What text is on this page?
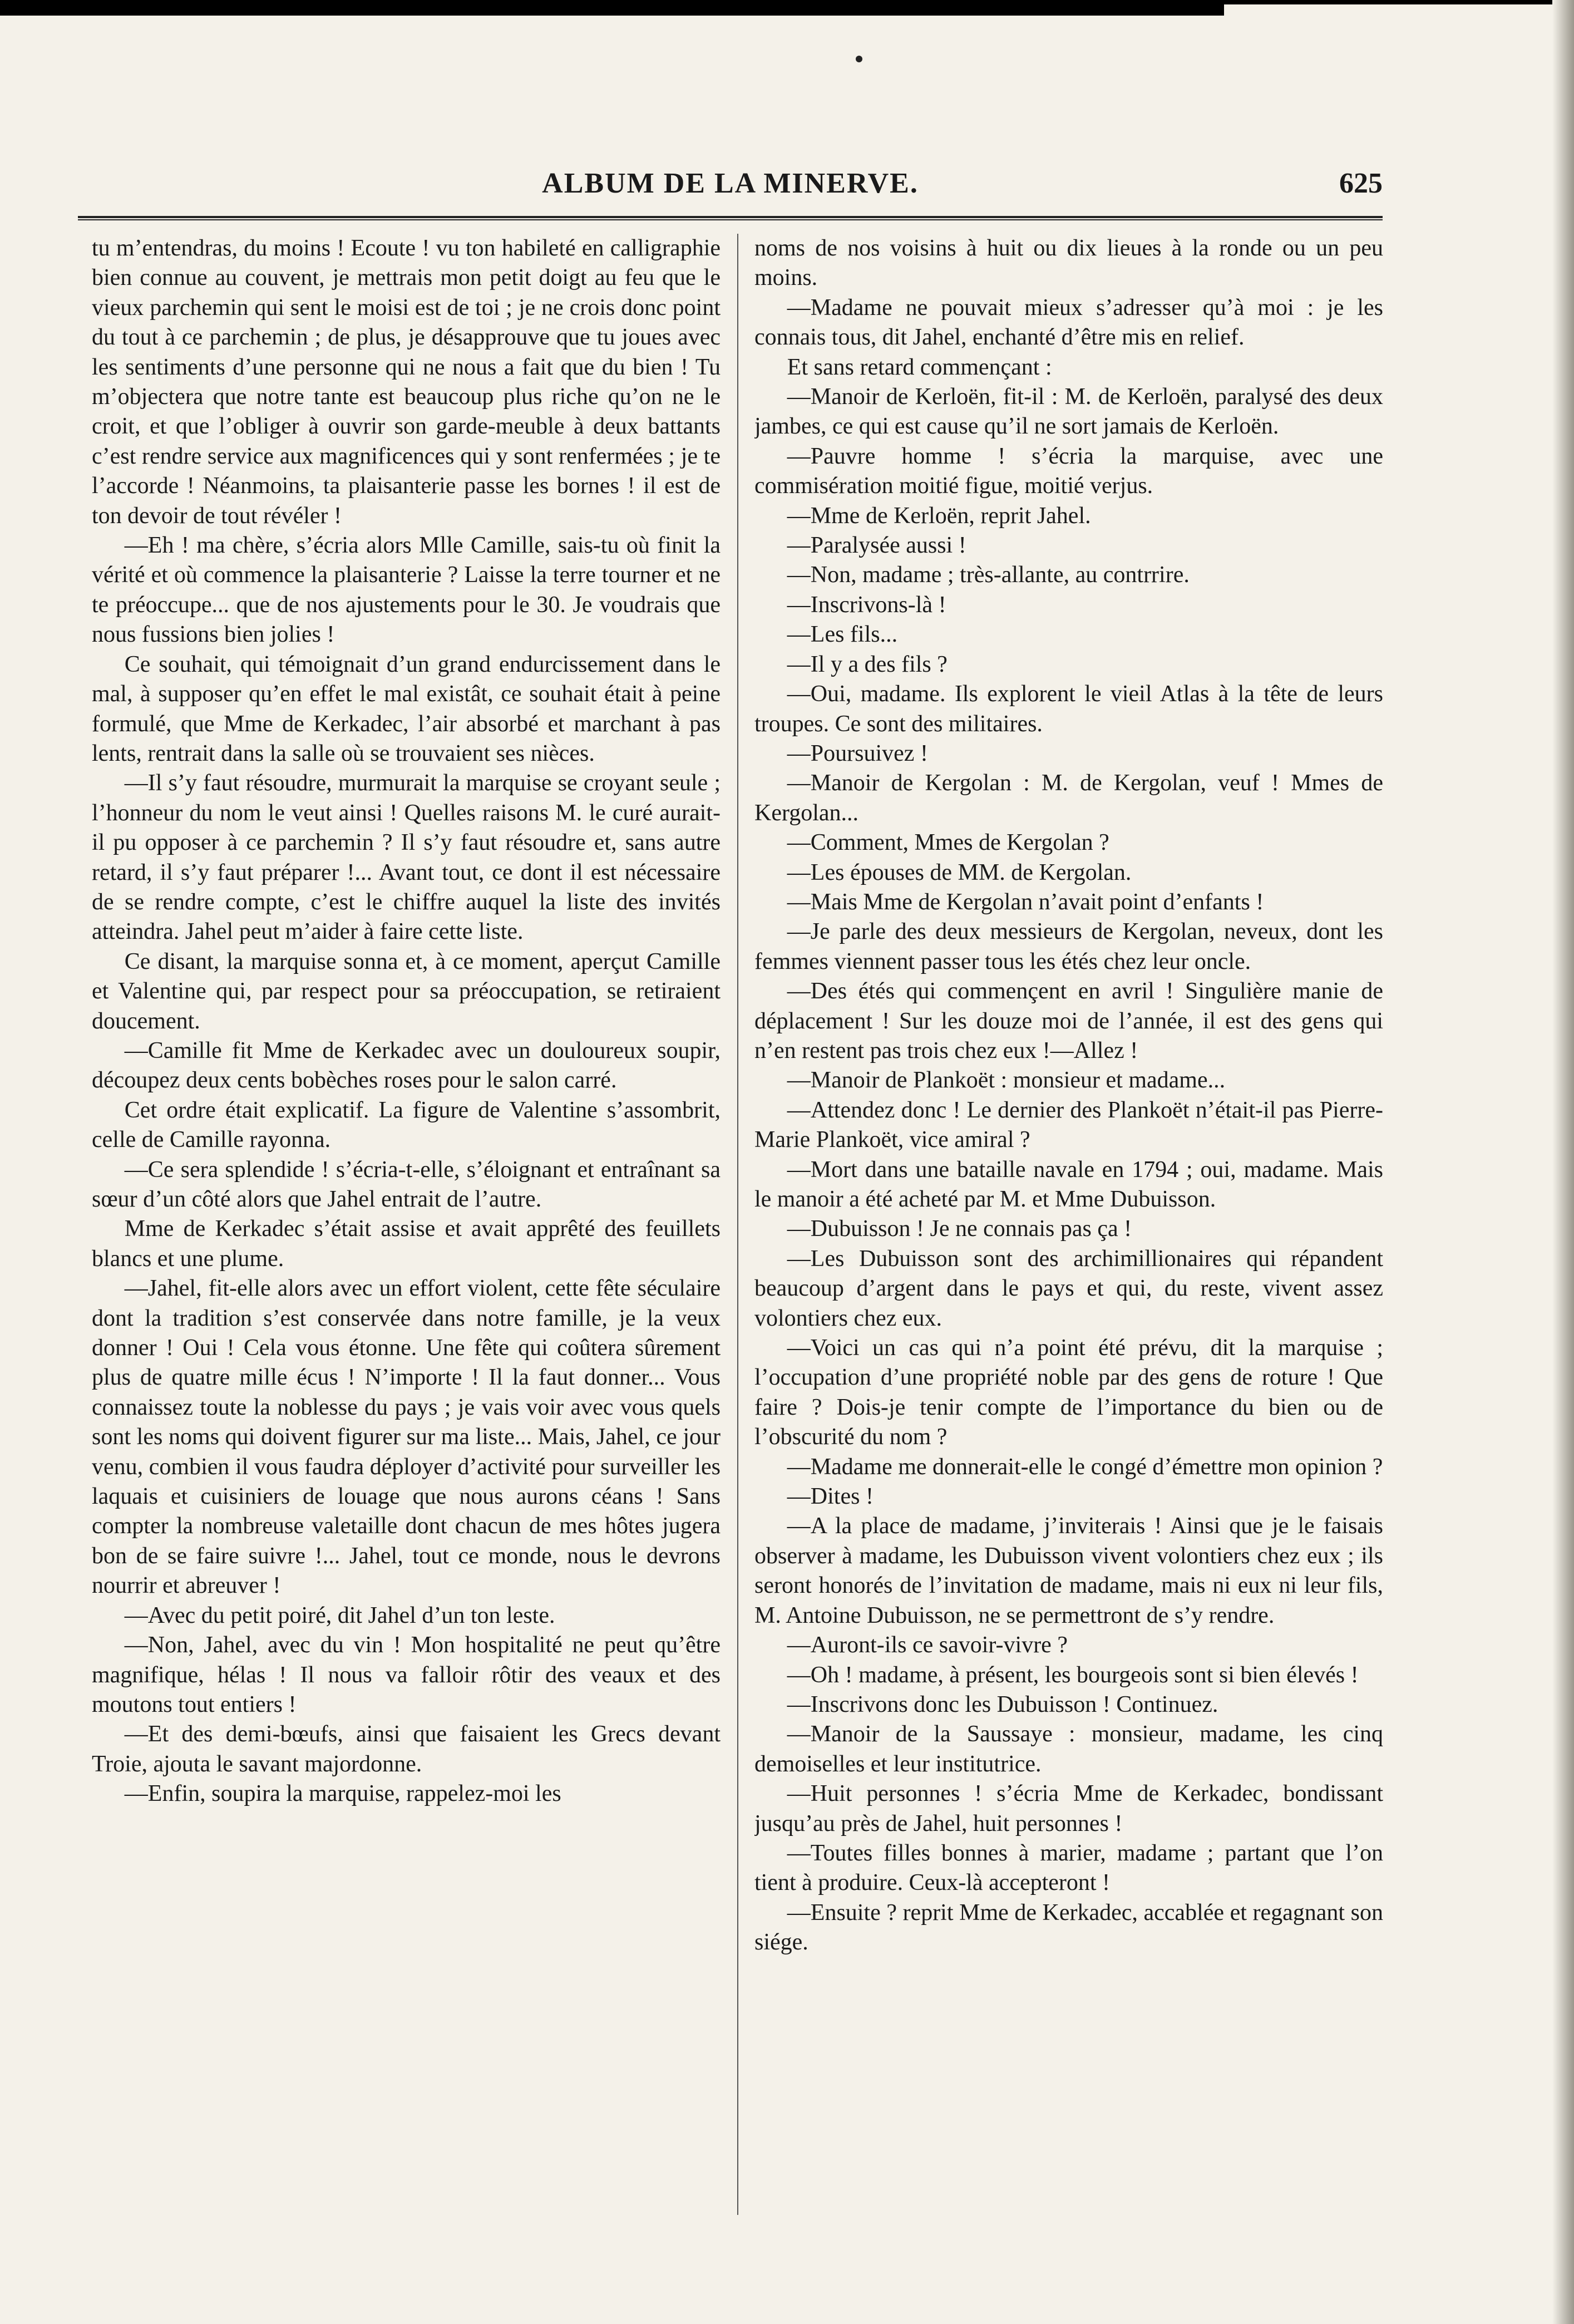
ALBUM DE LA MINERVE.	625

tu m’entendras, du moins ! Ecoute ! vu ton habileté en calligraphie bien connue au couvent, je mettrais mon petit doigt au feu que le vieux parchemin qui sent le moisi est de toi ; je ne crois donc point du tout à ce parchemin ; de plus, je désapprouve que tu joues avec les sentiments d’une personne qui ne nous a fait que du bien ! Tu m’objectera que notre tante est beaucoup plus riche qu’on ne le croit, et que l’obliger à ouvrir son garde-meuble à deux battants c’est rendre service aux magnificences qui y sont renfermées ; je te l’accorde ! Néanmoins, ta plaisanterie passe les bornes ! il est de ton devoir de tout révéler !

—Eh ! ma chère, s’écria alors Mlle Camille, sais-tu où finit la vérité et où commence la plaisanterie ? Laisse la terre tourner et ne te préoccupe... que de nos ajustements pour le 30. Je voudrais que nous fussions bien jolies !

Ce souhait, qui témoignait d’un grand endurcissement dans le mal, à supposer qu’en effet le mal existât, ce souhait était à peine formulé, que Mme de Kerkadec, l’air absorbé et marchant à pas lents, rentrait dans la salle où se trouvaient ses nièces.

—Il s’y faut résoudre, murmurait la marquise se croyant seule ; l’honneur du nom le veut ainsi ! Quelles raisons M. le curé aurait-il pu opposer à ce parchemin ? Il s’y faut résoudre et, sans autre retard, il s’y faut préparer !... Avant tout, ce dont il est nécessaire de se rendre compte, c’est le chiffre auquel la liste des invités atteindra. Jahel peut m’aider à faire cette liste.

Ce disant, la marquise sonna et, à ce moment, aperçut Camille et Valentine qui, par respect pour sa préoccupation, se retiraient doucement.

—Camille fit Mme de Kerkadec avec un douloureux soupir, découpez deux cents bobèches roses pour le salon carré.

Cet ordre était explicatif. La figure de Valentine s’assombrit, celle de Camille rayonna.

—Ce sera splendide ! s’écria-t-elle, s’éloignant et entraînant sa sœur d’un côté alors que Jahel entrait de l’autre.

Mme de Kerkadec s’était assise et avait apprêté des feuillets blancs et une plume.

—Jahel, fit-elle alors avec un effort violent, cette fête séculaire dont la tradition s’est conservée dans notre famille, je la veux donner ! Oui ! Cela vous étonne. Une fête qui coûtera sûrement plus de quatre mille écus ! N’importe ! Il la faut donner... Vous connaissez toute la noblesse du pays ; je vais voir avec vous quels sont les noms qui doivent figurer sur ma liste... Mais, Jahel, ce jour venu, combien il vous faudra déployer d’activité pour surveiller les laquais et cuisiniers de louage que nous aurons céans ! Sans compter la nombreuse valetaille dont chacun de mes hôtes jugera bon de se faire suivre !... Jahel, tout ce monde, nous le devrons nourrir et abreuver !

—Avec du petit poiré, dit Jahel d’un ton leste.

—Non, Jahel, avec du vin ! Mon hospitalité ne peut qu’être magnifique, hélas ! Il nous va falloir rôtir des veaux et des moutons tout entiers !

—Et des demi-bœufs, ainsi que faisaient les Grecs devant Troie, ajouta le savant majordonne.

—Enfin, soupira la marquise, rappelez-moi les

noms de nos voisins à huit ou dix lieues à la ronde ou un peu moins.

—Madame ne pouvait mieux s’adresser qu’à moi : je les connais tous, dit Jahel, enchanté d’être mis en relief.

Et sans retard commençant :

—Manoir de Kerloën, fit-il : M. de Kerloën, paralysé des deux jambes, ce qui est cause qu’il ne sort jamais de Kerloën.

—Pauvre homme ! s’écria la marquise, avec une commisération moitié figue, moitié verjus.

—Mme de Kerloën, reprit Jahel.

—Paralysée aussi !

—Non, madame ; très-allante, au contrrire.

—Inscrivons-là !

—Les fils...

—Il y a des fils ?

—Oui, madame. Ils explorent le vieil Atlas à la tête de leurs troupes. Ce sont des militaires.

—Poursuivez !

—Manoir de Kergolan : M. de Kergolan, veuf ! Mmes de Kergolan...

—Comment, Mmes de Kergolan ?

—Les épouses de MM. de Kergolan.

—Mais Mme de Kergolan n’avait point d’enfants !

—Je parle des deux messieurs de Kergolan, neveux, dont les femmes viennent passer tous les étés chez leur oncle.

—Des étés qui commençent en avril ! Singulière manie de déplacement ! Sur les douze moi de l’année, il est des gens qui n’en restent pas trois chez eux !—Allez !

—Manoir de Plankoët : monsieur et madame...

—Attendez donc ! Le dernier des Plankoët n’était-il pas Pierre-Marie Plankoët, vice amiral ?

—Mort dans une bataille navale en 1794 ; oui, madame. Mais le manoir a été acheté par M. et Mme Dubuisson.

—Dubuisson ! Je ne connais pas ça !

—Les Dubuisson sont des archimillionaires qui répandent beaucoup d’argent dans le pays et qui, du reste, vivent assez volontiers chez eux.

—Voici un cas qui n’a point été prévu, dit la marquise ; l’occupation d’une propriété noble par des gens de roture ! Que faire ? Dois-je tenir compte de l’importance du bien ou de l’obscurité du nom ?

—Madame me donnerait-elle le congé d’émettre mon opinion ?

—Dites !

—A la place de madame, j’inviterais ! Ainsi que je le faisais observer à madame, les Dubuisson vivent volontiers chez eux ; ils seront honorés de l’invitation de madame, mais ni eux ni leur fils, M. Antoine Dubuisson, ne se permettront de s’y rendre.

—Auront-ils ce savoir-vivre ?

—Oh ! madame, à présent, les bourgeois sont si bien élevés !

—Inscrivons donc les Dubuisson ! Continuez.

—Manoir de la Saussaye : monsieur, madame, les cinq demoiselles et leur institutrice.

—Huit personnes ! s’écria Mme de Kerkadec, bondissant jusqu’au près de Jahel, huit personnes !

—Toutes filles bonnes à marier, madame ; partant que l’on tient à produire. Ceux-là accepteront !

—Ensuite ? reprit Mme de Kerkadec, accablée et regagnant son siége.
